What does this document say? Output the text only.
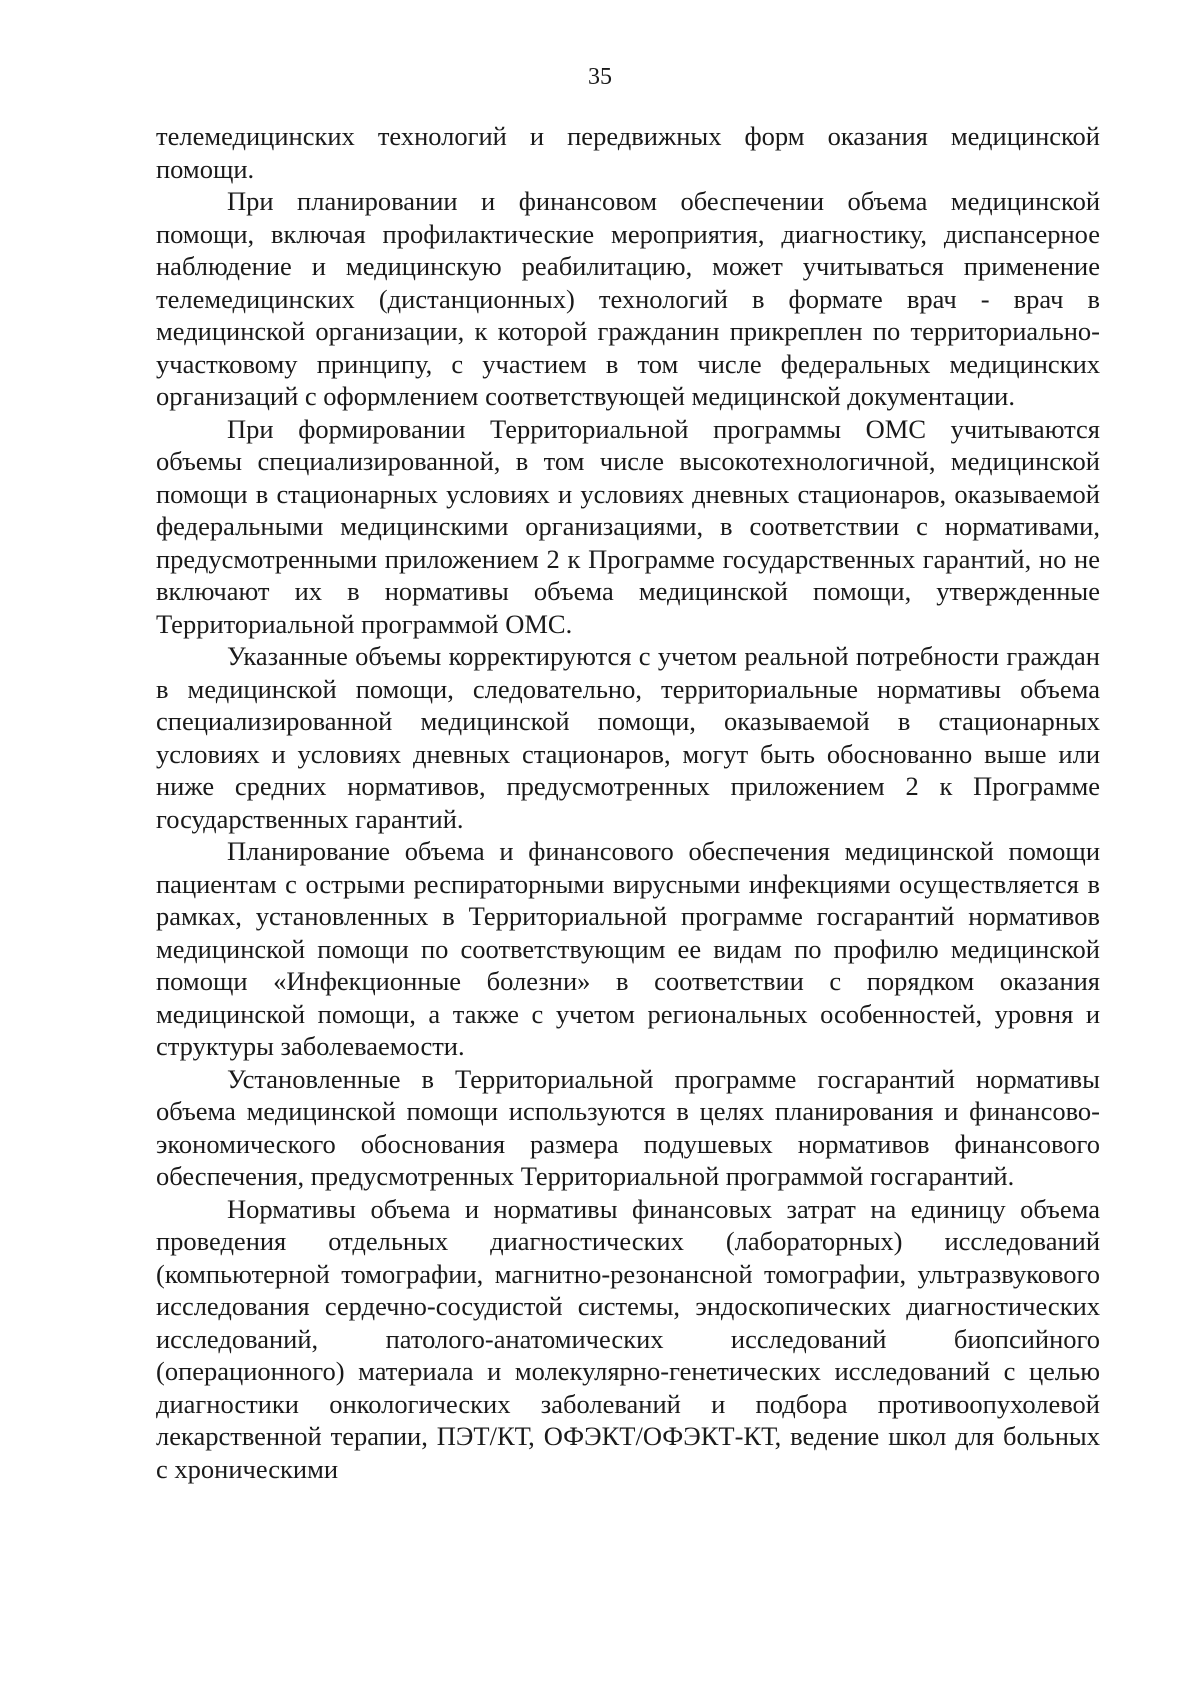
35

телемедицинских технологий и передвижных форм оказания медицинской помощи.

При планировании и финансовом обеспечении объема медицинской помощи, включая профилактические мероприятия, диагностику, диспансерное наблюдение и медицинскую реабилитацию, может учитываться применение телемедицинских (дистанционных) технологий в формате врач - врач в медицинской организации, к которой гражданин прикреплен по территориально-участковому принципу, с участием в том числе федеральных медицинских организаций с оформлением соответствующей медицинской документации.

При формировании Территориальной программы ОМС учитываются объемы специализированной, в том числе высокотехнологичной, медицинской помощи в стационарных условиях и условиях дневных стационаров, оказываемой федеральными медицинскими организациями, в соответствии с нормативами, предусмотренными приложением 2 к Программе государственных гарантий, но не включают их в нормативы объема медицинской помощи, утвержденные Территориальной программой ОМС.

Указанные объемы корректируются с учетом реальной потребности граждан в медицинской помощи, следовательно, территориальные нормативы объема специализированной медицинской помощи, оказываемой в стационарных условиях и условиях дневных стационаров, могут быть обоснованно выше или ниже средних нормативов, предусмотренных приложением 2 к Программе государственных гарантий.

Планирование объема и финансового обеспечения медицинской помощи пациентам с острыми респираторными вирусными инфекциями осуществляется в рамках, установленных в Территориальной программе госгарантий нормативов медицинской помощи по соответствующим ее видам по профилю медицинской помощи «Инфекционные болезни» в соответствии с порядком оказания медицинской помощи, а также с учетом региональных особенностей, уровня и структуры заболеваемости.

Установленные в Территориальной программе госгарантий нормативы объема медицинской помощи используются в целях планирования и финансово-экономического обоснования размера подушевых нормативов финансового обеспечения, предусмотренных Территориальной программой госгарантий.

Нормативы объема и нормативы финансовых затрат на единицу объема проведения отдельных диагностических (лабораторных) исследований (компьютерной томографии, магнитно-резонансной томографии, ультразвукового исследования сердечно-сосудистой системы, эндоскопических диагностических исследований, патолого-анатомических исследований биопсийного (операционного) материала и молекулярно-генетических исследований с целью диагностики онкологических заболеваний и подбора противоопухолевой лекарственной терапии, ПЭТ/КТ, ОФЭКТ/ОФЭКТ-КТ, ведение школ для больных с хроническими
